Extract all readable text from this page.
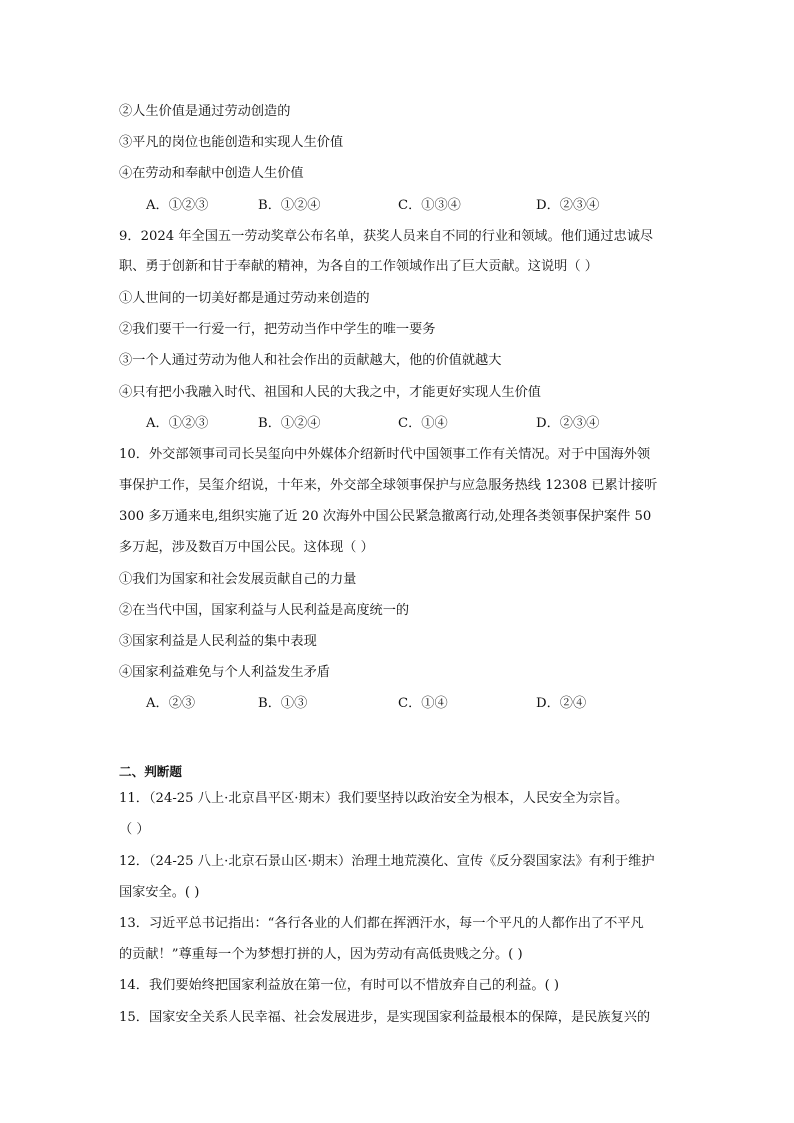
②人生价值是通过劳动创造的
③平凡的岗位也能创造和实现人生价值
④在劳动和奉献中创造人生价值
A．①②③	B．①②④	C．①③④	D．②③④
9．2024 年全国五一劳动奖章公布名单，获奖人员来自不同的行业和领域。他们通过忠诚尽
职、勇于创新和甘于奉献的精神，为各自的工作领域作出了巨大贡献。这说明（ ）
①人世间的一切美好都是通过劳动来创造的
②我们要干一行爱一行，把劳动当作中学生的唯一要务
③一个人通过劳动为他人和社会作出的贡献越大，他的价值就越大
④只有把小我融入时代、祖国和人民的大我之中，才能更好实现人生价值
A．①②③	B．①②④	C．①④	D．②③④
10．外交部领事司司长吴玺向中外媒体介绍新时代中国领事工作有关情况。对于中国海外领
事保护工作，吴玺介绍说，十年来，外交部全球领事保护与应急服务热线 12308 已累计接听
300 多万通来电,组织实施了近 20 次海外中国公民紧急撤离行动,处理各类领事保护案件 50
多万起，涉及数百万中国公民。这体现（ ）
①我们为国家和社会发展贡献自己的力量
②在当代中国，国家利益与人民利益是高度统一的
③国家利益是人民利益的集中表现
④国家利益难免与个人利益发生矛盾
A．②③	B．①③	C．①④	D．②④
二、判断题
11．（24-25 八上·北京昌平区·期末）我们要坚持以政治安全为根本，人民安全为宗旨。
（ ）
12．（24-25 八上·北京石景山区·期末）治理土地荒漠化、宣传《反分裂国家法》有利于维护
国家安全。( )
13．习近平总书记指出：“各行各业的人们都在挥洒汗水，每一个平凡的人都作出了不平凡
的贡献！”尊重每一个为梦想打拼的人，因为劳动有高低贵贱之分。( )
14．我们要始终把国家利益放在第一位，有时可以不惜放弃自己的利益。( )
15．国家安全关系人民幸福、社会发展进步，是实现国家利益最根本的保障，是民族复兴的
